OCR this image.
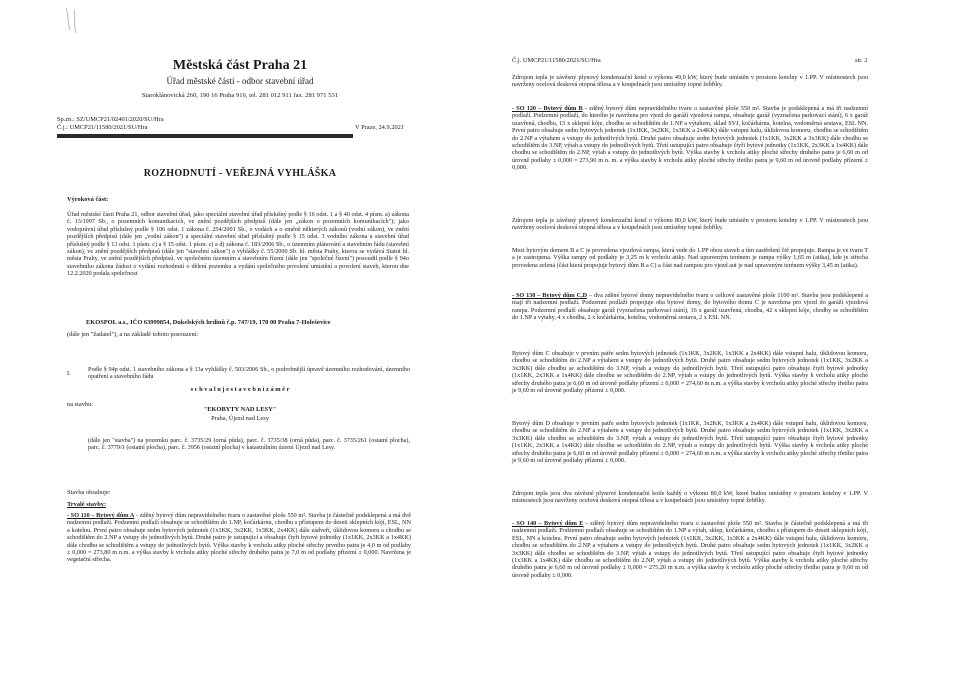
Městská část Praha 21
Úřad městské části - odbor stavební úřad
Staroklánovická 260, 190 16 Praha 916, tel. 281 012 911 fax. 281 971 531
Sp.zn.: SZ/UMCP21/02401/2020/SU/Hra
Č.j.: UMCP21/11580/2021/SU/Hra	V Praze, 24.9.2021
ROZHODNUTÍ - VEŘEJNÁ VYHLÁŠKA
Výroková část:
Úřad městské části Praha 21, odbor stavební úřad, jako speciální stavební úřad příslušný podle § 16 odst. 1 a § 40 odst. 4 písm. a) zákona č. 13/1997 Sb., o pozemních komunikacích, ve znění pozdějších předpisů (dále jen „zákon o pozemních komunikacích"); jako vodoprávní úřad příslušný podle § 106 odst. 1 zákona č. 254/2001 Sb., o vodách a o změně některých zákonů (vodní zákon), ve znění pozdějších předpisů (dále jen „vodní zákon") a speciální stavební úřad příslušný podle § 15 odst. 3 vodního zákona a stavební úřad příslušný podle § 13 odst. 1 písm. c) a § 15 odst. 1 písm. c) a d) zákona č. 183/2006 Sb., o územním plánování a stavebním řádu (stavební zákon), ve znění pozdějších předpisů (dále jen "stavební zákon") a vyhlášky č. 55/2000 Sb. hl. města Prahy, kterou se vydává Statut hl. města Prahy, ve znění pozdějších předpisů, ve společném územním a stavebním řízení (dále jen "společné řízení") posoudil podle § 94o stavebního zákona žádost o vydání rozhodnutí o dělení pozemku a vydání společného povolení umístění a povolení staveb, kterou dne 12.2.2020 podala společnost
EKOSPOL a.s., IČO 63999854, Dukelských hrdinů č.p. 747/19, 170 00 Praha 7-Holešovice
(dále jen "žadatel"), a na základě tohoto posouzení:
I.
Podle § 94p odst. 1 stavebního zákona a § 13a vyhlášky č. 503/2006 Sb., o podrobnější úpravě územního rozhodování, územního opatření a stavebního řádu
s c h v a l u j e s t a v e b n í z á m ě r
na stavbu:
"EKOBYTY NAD LESY"
Praha, Újezd nad Lesy
(dále jen "stavba") na pozemku parc. č. 3735/29 (orná půda), parc. č. 3735/38 (orná půda), parc. č. 3735/261 (ostatní plocha), parc. č. 3779/1 (ostatní plocha), parc. č. 3956 (ostatní plocha) v katastrálním území Újezd nad Lesy.
Stavba obsahuje:
Trvalé stavby:
- SO 110 – Bytový dům A - zděný bytový dům nepravidelného tvaru o zastavěné ploše 550 m². Stavba je částečně podsklepená a má dvě nadzemní podlaží. Podzemní podlaží obsahuje se schodištěm do 1.NP, kočárkárnu, chodbu s přístupem do deseti sklepních kójí, ESL, NN a kotelnu. První patro obsahuje sedm bytových jednotek (1x1KK, 3x2KK, 1x3KK, 2x4KK) dále zádveří, úklidovou komoru a chodbu se schodištěm do 2.NP a vstupy do jednotlivých bytů. Druhé patro je ustupující a obsahuje čtyři bytové jednotky (1x1KK, 2x3KK a 1x4KK) dále chodbu se schodištěm a vstupy do jednotlivých bytů. Výška stavby k vrcholu atiky ploché střechy prvního patra je 4,0 m od podlahy ± 0,000 = 273,80 m n.m. a výška stavby k vrcholu atiky ploché střechy druhého patra je 7,0 m od podlahy přízemí ± 0,000. Navržena je vegetační střecha.
Č.j. UMCP21/11580/2021/SU/Hra	str. 2
Zdrojem tepla je závěsný plynový kondenzační kotel o výkonu 49,0 kW, který bude umístěn v prostoru kotelny v 1.PP. V místnostech jsou navrženy ocelová desková otopná tělesa a v koupelnách jsou umístěny topné žebříky.
- SO 120 – Bytový dům B - zděný bytový dům nepravidelného tvaru o zastavěné ploše 550 m². Stavba je podsklepená a má tři nadzemní podlaží. Podzemní podlaží, do kterého je navržena pro vjezd do garáží vjezdová rampa, obsahuje garáž (vyznačena parkovací stání), 6 x garáž uzavřená, chodbu, 15 x sklepní kóje, chodbu se schodištěm do 1.NP a výtahem, sklad SVJ, kočárkárna, kotelna, vodoměrná sestava, ESL NN. První patro obsahuje sedm bytových jednotek (1x1KK, 3x2KK, 1x3KK a 2x4KK) dále vstupní halu, úklidovou komoru, chodbu se schodištěm do 2.NP a výtahem a vstupy do jednotlivých bytů. Druhé patro obsahuje sedm bytových jednotek (1x1KK, 3x2KK a 3x3KK) dále chodbu se schodištěm do 3.NP, výtah a vstupy do jednotlivých bytů. Třetí ustupující patro obsahuje čtyři bytové jednotky (1x1KK, 2x3KK a 1x4KK) dále chodbu se schodištěm do 2.NP, výtah a vstupy do jednotlivých bytů. Výška stavby k vrcholu atiky ploché střechy druhého patra je 6,60 m od úrovně podlahy ± 0,000 = 273,90 m n. m. a výška stavby k vrcholu atiky ploché střechy třetího patra je 9,60 m od úrovně podlahy přízemí ± 0,000.
Zdrojem tepla je závěsný plynový kondenzační kotel o výkonu 80,0 kW, který bude umístěn v prostoru kotelny v 1.PP. V místnostech jsou navrženy ocelová desková otopná tělesa a v koupelnách jsou umístěny topné žebříky.
Mezi bytovým domem B a C je provedena vjezdová rampa, která vede do 1.PP obou staveb a tím zastřešení čtě propojuje. Rampa je ve tvaru T a je zastropena. Výška rampy od podlahy je 3,25 m k vrcholu atiky. Nad upraveným terénem je rampa výšky 1,65 m (atika), kde je střecha provedena zelená (část která propojuje bytový dům B a C) a část nad rampou pro vjezd aut je nad upraveným terénem výšky 3,45 m (atika).
- SO 130 – Bytový dům C,D – dva zděné bytové domy nepravidelného tvaru o celkové zastavěné ploše 1100 m². Stavba jsou podsklepené a mají tři nadzemní podlaží. Podzemní podlaží propojuje oba bytové domy, do bytového domu C je navržena pro vjezd do garáží vjezdová rampa. Podzemní podlaží obsahuje garáž (vyznačena parkovací stání), 16 x garáž uzavřená, chodba, 42 x sklepní kóje, chodby se schodištěm do 1.NP a výtahy, 4 x chodba, 2 x kočárkárna, kotelna, vodoměrná sestava, 2 x ESL NN.
Bytový dům C obsahuje v prvním patře sedm bytových jednotek (1x1KK, 3x2KK, 1x3KK a 2x4KK) dále vstupní halu, úklidovou komoru, chodbu se schodištěm do 2.NP a výtahem a vstupy do jednotlivých bytů. Druhé patro obsahuje sedm bytových jednotek (1x1KK, 3x2KK a 3x3KK) dále chodbu se schodištěm do 3.NP, výtah a vstupy do jednotlivých bytů. Třetí ustupující patro obsahuje čtyři bytové jednotky (1x1KK, 2x3KK a 1x4KK) dále chodbu se schodištěm do 2.NP, výtah a vstupy do jednotlivých bytů. Výška stavby k vrcholu atiky ploché střechy druhého patra je 6,60 m od úrovně podlahy přízemí ± 0,000 = 274,60 m n.m. a výška stavby k vrcholu atiky ploché střechy třetího patra je 9,60 m od úrovně podlahy přízemí ± 0,000.
Bytový dům D obsahuje v prvním patře sedm bytových jednotek (1x1KK, 3x2KK, 1x3KK a 2x4KK) dále vstupní halu, úklidovou komoru, chodbu se schodištěm do 2.NP a výtahem a vstupy do jednotlivých bytů. Druhé patro obsahuje sedm bytových jednotek (1x1KK, 3x2KK a 3x3KK) dále chodbu se schodištěm do 3.NP, výtah a vstupy do jednotlivých bytů. Třetí ustupující patro obsahuje čtyři bytové jednotky (1x1KK, 2x3KK a 1x4KK) dále chodbu se schodištěm do 2.NP, výtah a vstupy do jednotlivých bytů. Výška stavby k vrcholu atiky ploché střechy druhého patra je 6,60 m od úrovně podlahy přízemí ± 0,000 = 274,60 m n.m. a výška stavby k vrcholu atiky ploché střechy třetího patra je 9,60 m od úrovně podlahy přízemí ± 0,000.
Zdrojem tepla jsou dva závěsné plynové kondenzační kotle každý o výkonu 80,0 kW, které budou umístěny v prostoru kotelny v 1.PP. V místnostech jsou navrženy ocelová desková otopná tělesa a v koupelnách jsou umístěny topné žebříky.
- SO 140 – Bytový dům E - zděný bytový dům nepravidelného tvaru o zastavěné ploše 550 m². Stavba je částečně podsklepená a má tři nadzemní podlaží. Podzemní podlaží obsahuje se schodištěm do 1.NP a výtah, sklep, kočárkárnu, chodbu s přístupem do deseti sklepních kójí, ESL, NN a kotelnu. První patro obsahuje sedm bytových jednotek (1x1KK, 3x2KK, 1x3KK a 2x4KK) dále vstupní halu, úklidovou komoru, chodbu se schodištěm do 2.NP a výtahem a vstupy do jednotlivých bytů. Druhé patro obsahuje sedm bytových jednotek (1x1KK, 3x2KK a 3x3KK) dále chodbu se schodištěm do 3.NP, výtah a vstupy do jednotlivých bytů. Třetí ustupující patro obsahuje čtyři bytové jednotky (1x3KK a 1x4KK) dále chodbu se schodištěm do 2.NP, výtah a vstupy do jednotlivých bytů. Výška stavby k vrcholu atiky ploché střechy druhého patra je 6,60 m od úrovně podlahy ± 0,000 = 275,20 m n.m. a výška stavby k vrcholu atiky ploché střechy třetího patra je 9,60 m od úrovně podlahy ± 0,000.
